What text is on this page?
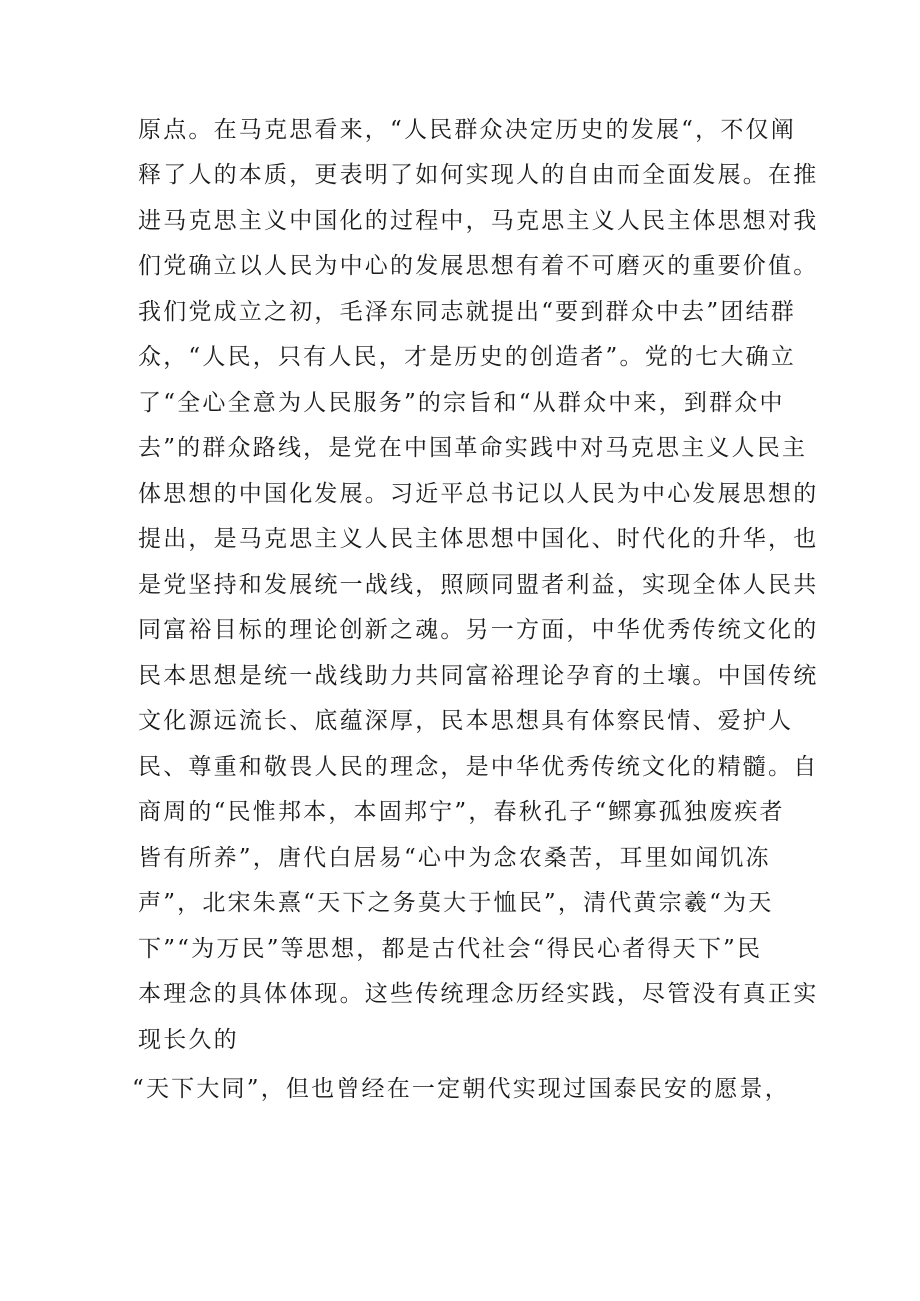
原点。在马克思看来，“人民群众决定历史的发展“，不仅阐
释了人的本质，更表明了如何实现人的自由而全面发展。在推
进马克思主义中国化的过程中，马克思主义人民主体思想对我
们党确立以人民为中心的发展思想有着不可磨灭的重要价值。
我们党成立之初，毛泽东同志就提出“要到群众中去”团结群
众，“人民，只有人民，才是历史的创造者”。党的七大确立
了“全心全意为人民服务”的宗旨和“从群众中来，到群众中
去”的群众路线，是党在中国革命实践中对马克思主义人民主
体思想的中国化发展。习近平总书记以人民为中心发展思想的
提出，是马克思主义人民主体思想中国化、时代化的升华，也
是党坚持和发展统一战线，照顾同盟者利益，实现全体人民共
同富裕目标的理论创新之魂。另一方面，中华优秀传统文化的
民本思想是统一战线助力共同富裕理论孕育的土壤。中国传统
文化源远流长、底蕴深厚，民本思想具有体察民情、爱护人
民、尊重和敬畏人民的理念，是中华优秀传统文化的精髓。自
商周的“民惟邦本，本固邦宁”，春秋孔子“鳏寡孤独废疾者
皆有所养”，唐代白居易“心中为念农桑苦，耳里如闻饥冻
声”，北宋朱熹“天下之务莫大于恤民”，清代黄宗羲“为天
下”“为万民”等思想，都是古代社会“得民心者得天下”民
本理念的具体体现。这些传统理念历经实践，尽管没有真正实
现长久的
“天下大同”，但也曾经在一定朝代实现过国泰民安的愿景，
